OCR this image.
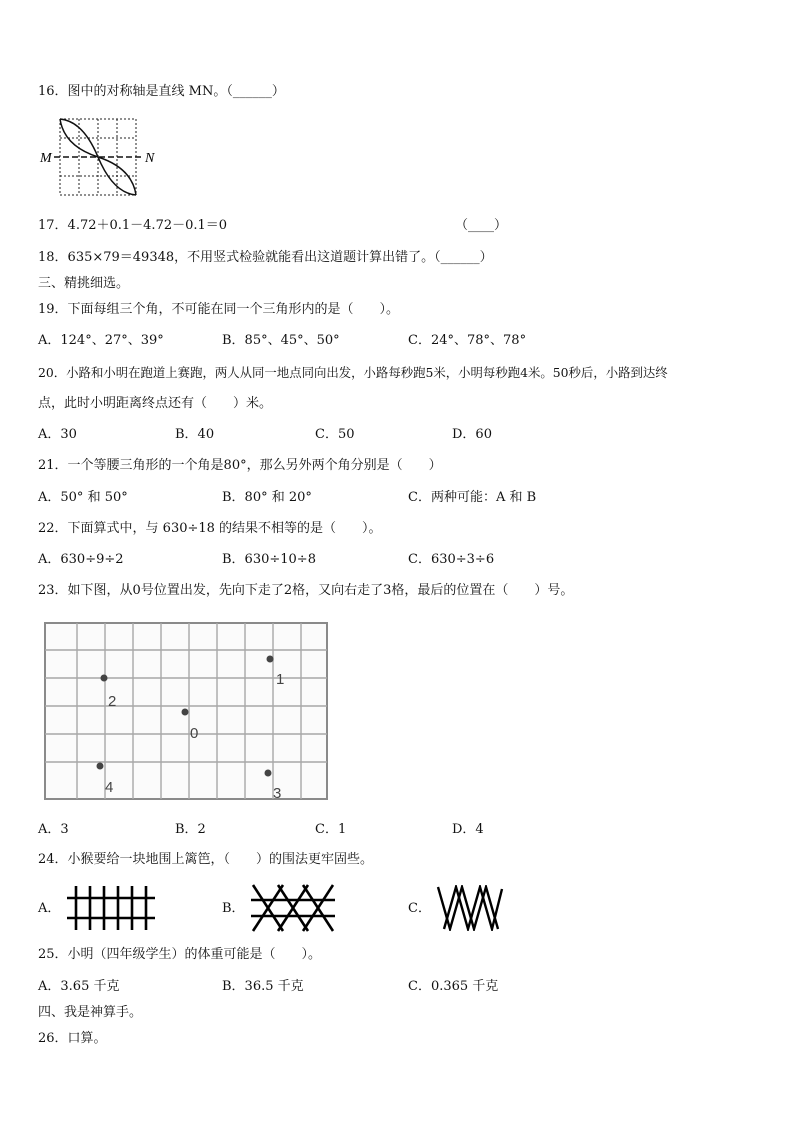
16．图中的对称轴是直线 MN。（______）
M	N
17．4.72＋0.1－4.72－0.1＝0	（____）
18．635×79＝49348，不用竖式检验就能看出这道题计算出错了。（______）
三、精挑细选。
19．下面每组三个角，不可能在同一个三角形内的是（　　）。
A．124°、27°、39°	B．85°、45°、50°	C．24°、78°、78°
20．小路和小明在跑道上赛跑，两人从同一地点同向出发，小路每秒跑5米，小明每秒跑4米。50秒后，小路到达终
点，此时小明距离终点还有（　　）米。
A．30	B．40	C．50	D．60
21．一个等腰三角形的一个角是80°，那么另外两个角分别是（　　）
A．50° 和 50°	B．80° 和 20°	C．两种可能：A 和 B
22．下面算式中，与 630÷18 的结果不相等的是（　　）。
A．630÷9÷2	B．630÷10÷8	C．630÷3÷6
23．如下图，从0号位置出发，先向下走了2格，又向右走了3格，最后的位置在（　　）号。
2
1
0
4	3
A．3	B．2	C．1	D．4
24．小猴要给一块地围上篱笆，（　　）的围法更牢固些。
A．	B．	C．
25．小明（四年级学生）的体重可能是（　　）。
A．3.65 千克	B．36.5 千克	C．0.365 千克
四、我是神算手。
26．口算。
